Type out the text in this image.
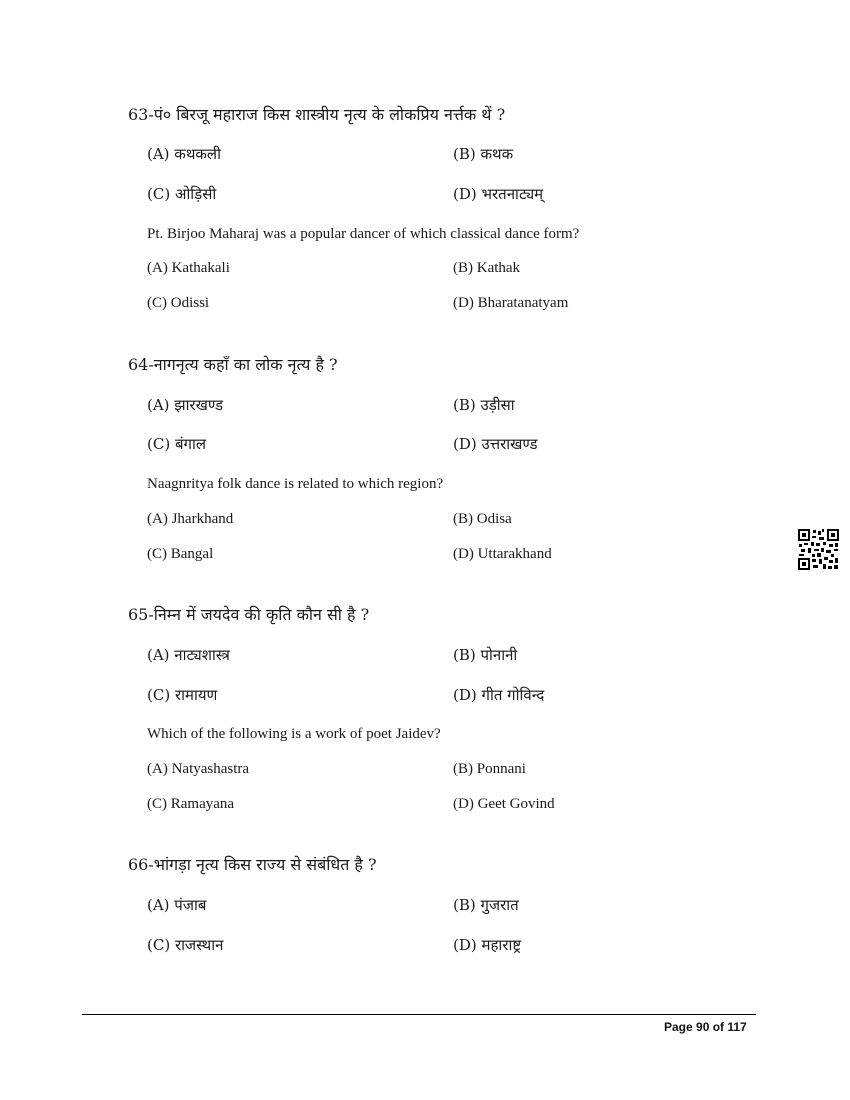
63-पं० बिरजू महाराज किस शास्त्रीय नृत्य के लोकप्रिय नर्त्तक थें ?
(A) कथकली	(B) कथक
(C) ओड़िसी	(D) भरतनाट्यम्
Pt. Birjoo Maharaj was a popular dancer of which classical dance form?
(A) Kathakali	(B) Kathak
(C) Odissi	(D) Bharatanatyam
64-नागनृत्य कहाँ का लोक नृत्य है ?
(A) झारखण्ड	(B) उड़ीसा
(C) बंगाल	(D) उत्तराखण्ड
Naagnritya folk dance is related to which region?
(A) Jharkhand	(B) Odisa
(C) Bangal	(D) Uttarakhand
65-निम्न में जयदेव की कृति कौन सी है ?
(A) नाट्यशास्त्र	(B) पोनानी
(C) रामायण	(D) गीत गोविन्द
Which of the following is a work of poet Jaidev?
(A) Natyashastra	(B) Ponnani
(C) Ramayana	(D) Geet Govind
66-भांगड़ा नृत्य किस राज्य से संबंधित है ?
(A) पंजाब	(B) गुजरात
(C) राजस्थान	(D) महाराष्ट्र
Page 90 of 117
